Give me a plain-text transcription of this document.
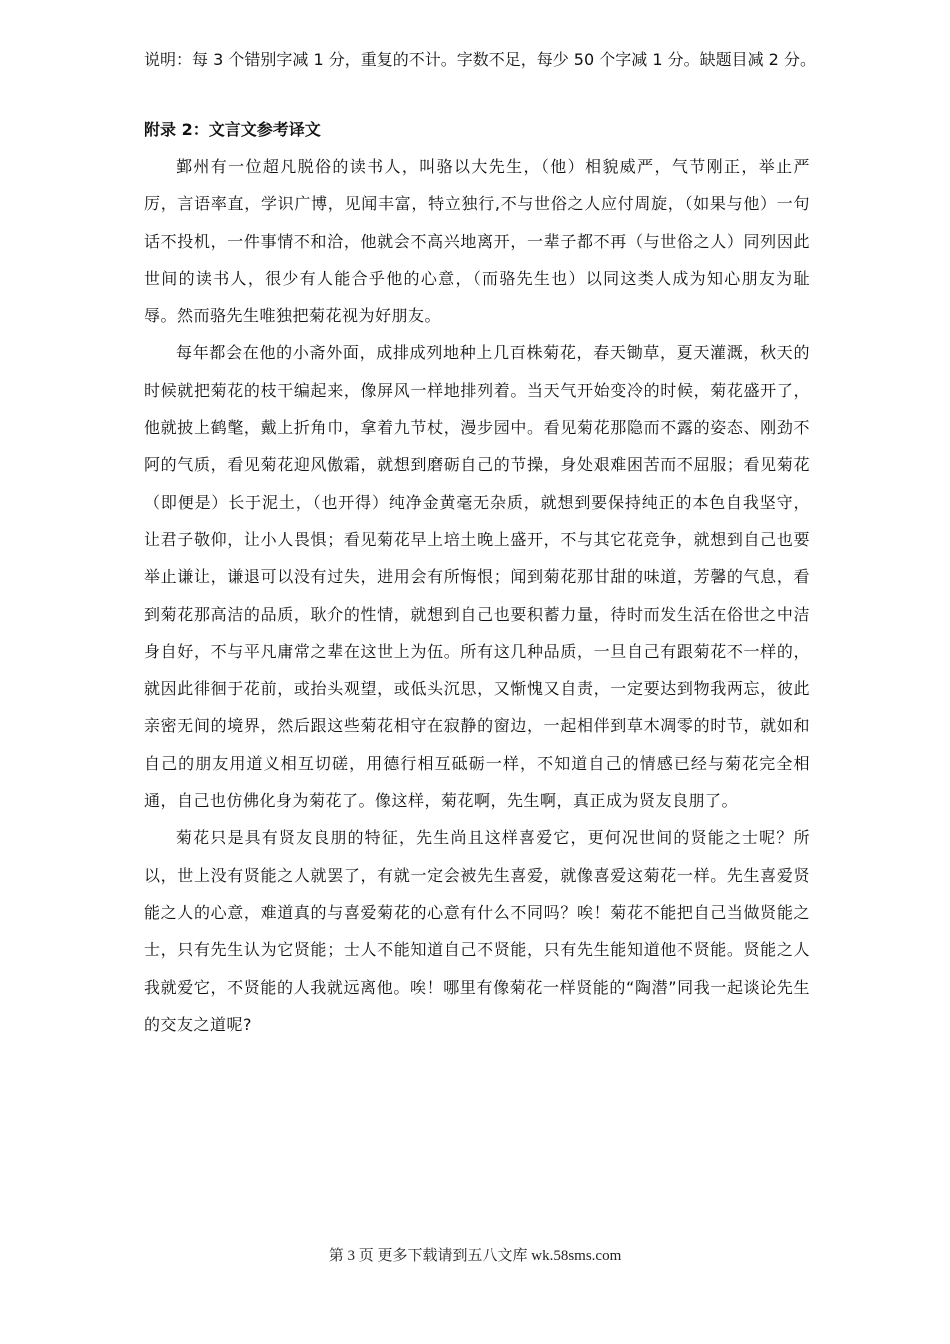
说明：每 3 个错别字减 1 分，重复的不计。字数不足，每少 50 个字减 1 分。缺题目减 2 分。

附录 2：文言文参考译文

鄞州有一位超凡脱俗的读书人，叫骆以大先生，（他）相貌威严，气节刚正，举止严厉，言语率直，学识广博，见闻丰富，特立独行,不与世俗之人应付周旋，（如果与他）一句话不投机，一件事情不和洽，他就会不高兴地离开，一辈子都不再（与世俗之人）同列因此世间的读书人，很少有人能合乎他的心意，（而骆先生也）以同这类人成为知心朋友为耻辱。然而骆先生唯独把菊花视为好朋友。

每年都会在他的小斋外面，成排成列地种上几百株菊花，春天锄草，夏天灌溉，秋天的时候就把菊花的枝干编起来，像屏风一样地排列着。当天气开始变冷的时候，菊花盛开了，他就披上鹤氅，戴上折角巾，拿着九节杖，漫步园中。看见菊花那隐而不露的姿态、刚劲不阿的气质，看见菊花迎风傲霜，就想到磨砺自己的节操，身处艰难困苦而不屈服；看见菊花（即便是）长于泥土，（也开得）纯净金黄毫无杂质，就想到要保持纯正的本色自我坚守，让君子敬仰，让小人畏惧；看见菊花早上培土晚上盛开，不与其它花竞争，就想到自己也要举止谦让，谦退可以没有过失，进用会有所悔恨；闻到菊花那甘甜的味道，芳馨的气息，看到菊花那高洁的品质，耿介的性情，就想到自己也要积蓄力量，待时而发生活在俗世之中洁身自好，不与平凡庸常之辈在这世上为伍。所有这几种品质，一旦自己有跟菊花不一样的，就因此徘徊于花前，或抬头观望，或低头沉思，又惭愧又自责，一定要达到物我两忘，彼此亲密无间的境界，然后跟这些菊花相守在寂静的窗边，一起相伴到草木凋零的时节，就如和自己的朋友用道义相互切磋，用德行相互砥砺一样，不知道自己的情感已经与菊花完全相通，自己也仿佛化身为菊花了。像这样，菊花啊，先生啊，真正成为贤友良朋了。

菊花只是具有贤友良朋的特征，先生尚且这样喜爱它，更何况世间的贤能之士呢？所以，世上没有贤能之人就罢了，有就一定会被先生喜爱，就像喜爱这菊花一样。先生喜爱贤能之人的心意，难道真的与喜爱菊花的心意有什么不同吗？唉！菊花不能把自己当做贤能之士，只有先生认为它贤能；士人不能知道自己不贤能，只有先生能知道他不贤能。贤能之人我就爱它，不贤能的人我就远离他。唉！哪里有像菊花一样贤能的“陶潜”同我一起谈论先生的交友之道呢?

第 3 页 更多下载请到五八文库 wk.58sms.com
